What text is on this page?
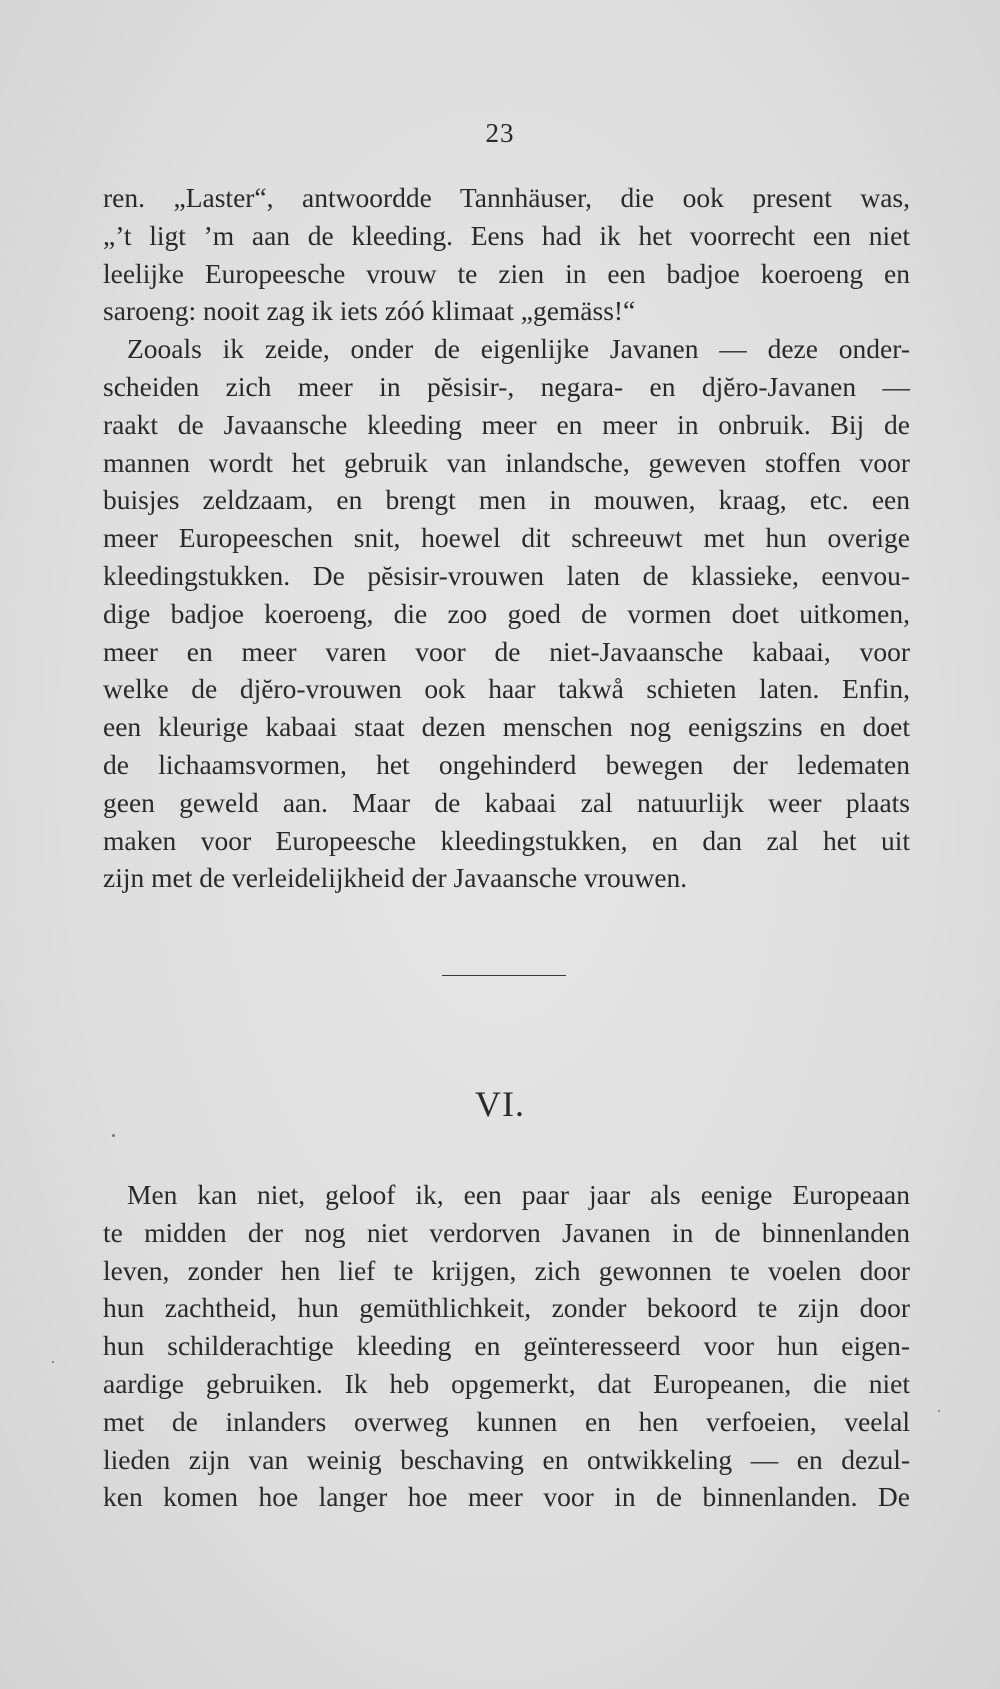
23
ren. „Laster“, antwoordde Tannhäuser, die ook present was,
„’t ligt ’m aan de kleeding. Eens had ik het voorrecht een niet
leelijke Europeesche vrouw te zien in een badjoe koeroeng en
saroeng: nooit zag ik iets zóó klimaat „gemäss!“
Zooals ik zeide, onder de eigenlijke Javanen — deze onder-
scheiden zich meer in pĕsisir-, negara- en djĕro-Javanen —
raakt de Javaansche kleeding meer en meer in onbruik. Bij de
mannen wordt het gebruik van inlandsche, geweven stoffen voor
buisjes zeldzaam, en brengt men in mouwen, kraag, etc. een
meer Europeeschen snit, hoewel dit schreeuwt met hun overige
kleedingstukken. De pĕsisir-vrouwen laten de klassieke, eenvou-
dige badjoe koeroeng, die zoo goed de vormen doet uitkomen,
meer en meer varen voor de niet-Javaansche kabaai, voor
welke de djĕro-vrouwen ook haar takwå schieten laten. Enfin,
een kleurige kabaai staat dezen menschen nog eenigszins en doet
de lichaamsvormen, het ongehinderd bewegen der ledematen
geen geweld aan. Maar de kabaai zal natuurlijk weer plaats
maken voor Europeesche kleedingstukken, en dan zal het uit
zijn met de verleidelijkheid der Javaansche vrouwen.
VI.
Men kan niet, geloof ik, een paar jaar als eenige Europeaan
te midden der nog niet verdorven Javanen in de binnenlanden
leven, zonder hen lief te krijgen, zich gewonnen te voelen door
hun zachtheid, hun gemüthlichkeit, zonder bekoord te zijn door
hun schilderachtige kleeding en geïnteresseerd voor hun eigen-
aardige gebruiken. Ik heb opgemerkt, dat Europeanen, die niet
met de inlanders overweg kunnen en hen verfoeien, veelal
lieden zijn van weinig beschaving en ontwikkeling — en dezul-
ken komen hoe langer hoe meer voor in de binnenlanden. De
